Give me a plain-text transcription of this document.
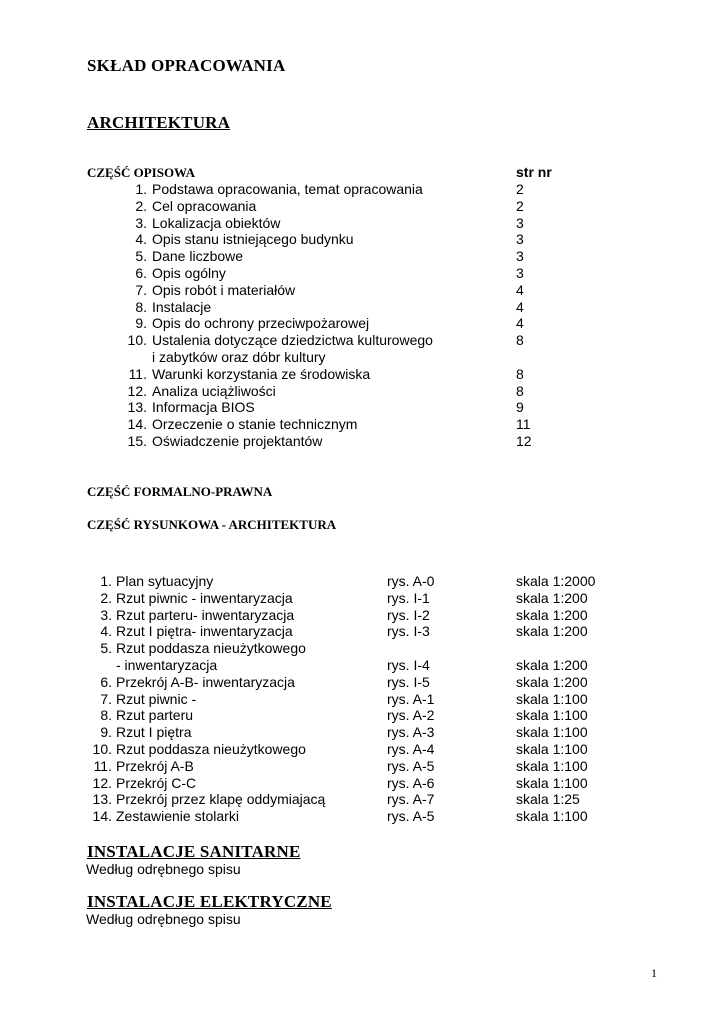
SKŁAD OPRACOWANIA
ARCHITEKTURA
CZĘŚĆ OPISOWA	str nr
1. Podstawa opracowania, temat opracowania	2
2. Cel opracowania	2
3. Lokalizacja obiektów	3
4. Opis stanu istniejącego budynku	3
5. Dane liczbowe	3
6. Opis ogólny	3
7. Opis robót i materiałów	4
8. Instalacje	4
9. Opis do ochrony przeciwpożarowej	4
10. Ustalenia dotyczące dziedzictwa kulturowego	8
i zabytków oraz dóbr kultury
11. Warunki korzystania ze środowiska	8
12. Analiza uciążliwości	8
13. Informacja BIOS	9
14. Orzeczenie o stanie technicznym	11
15. Oświadczenie projektantów	12
CZĘŚĆ FORMALNO-PRAWNA
CZĘŚĆ RYSUNKOWA - ARCHITEKTURA
1. Plan sytuacyjny	rys. A-0	skala 1:2000
2. Rzut piwnic - inwentaryzacja	rys. I-1	skala 1:200
3. Rzut parteru- inwentaryzacja	rys. I-2	skala 1:200
4. Rzut I piętra- inwentaryzacja	rys. I-3	skala 1:200
5. Rzut poddasza nieużytkowego
- inwentaryzacja	rys. I-4	skala 1:200
6. Przekrój A-B- inwentaryzacja	rys. I-5	skala 1:200
7. Rzut piwnic -	rys. A-1	skala 1:100
8. Rzut parteru	rys. A-2	skala 1:100
9. Rzut I piętra	rys. A-3	skala 1:100
10. Rzut poddasza nieużytkowego	rys. A-4	skala 1:100
11. Przekrój A-B	rys. A-5	skala 1:100
12. Przekrój C-C	rys. A-6	skala 1:100
13. Przekrój przez klapę oddymiajacą	rys. A-7	skala 1:25
14. Zestawienie stolarki	rys. A-5	skala 1:100
INSTALACJE SANITARNE
Według odrębnego spisu
INSTALACJE ELEKTRYCZNE
Według odrębnego spisu
1
